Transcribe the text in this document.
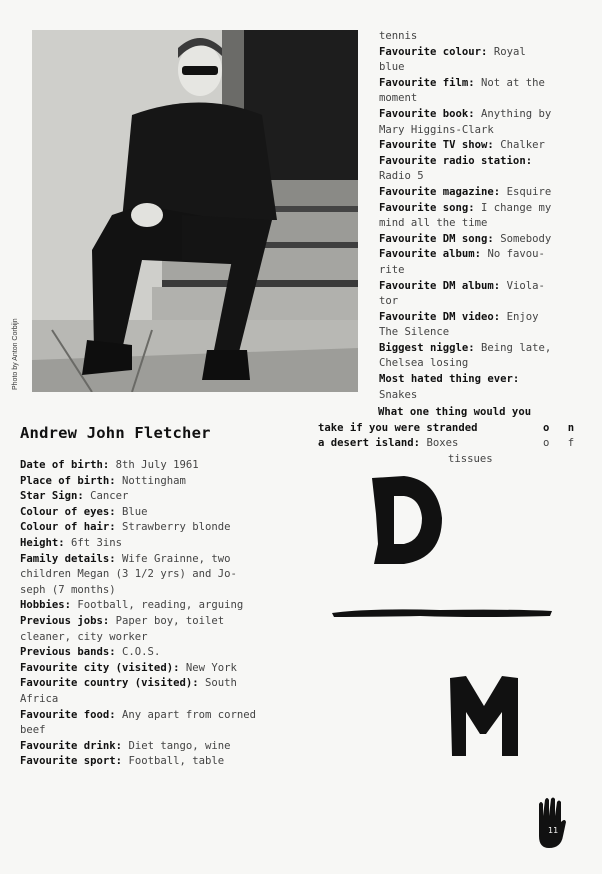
Photo by Anton Corbijn
Andrew John Fletcher
Date of birth: 8th July 1961
Place of birth: Nottingham
Star Sign: Cancer
Colour of eyes: Blue
Colour of hair: Strawberry blonde
Height: 6ft 3ins
Family details: Wife Grainne, two
children Megan (3 1/2 yrs) and Jo-
seph (7 months)
Hobbies: Football, reading, arguing
Previous jobs: Paper boy, toilet
cleaner, city worker
Previous bands: C.O.S.
Favourite city (visited): New York
Favourite country (visited): South
Africa
Favourite food: Any apart from corned
beef
Favourite drink: Diet tango, wine
Favourite sport: Football, table
tennis
Favourite colour: Royal
blue
Favourite film: Not at the
moment
Favourite book: Anything by
Mary Higgins-Clark
Favourite TV show: Chalker
Favourite radio station:
Radio 5
Favourite magazine: Esquire
Favourite song: I change my
mind all the time
Favourite DM song: Somebody
Favourite album: No favou-
rite
Favourite DM album: Viola-
tor
Favourite DM video: Enjoy
The Silence
Biggest niggle: Being late,
Chelsea losing
Most hated thing ever:
Snakes
What one thing would you
take if you were stranded	o n
a desert island: Boxes	o f
tissues
11
